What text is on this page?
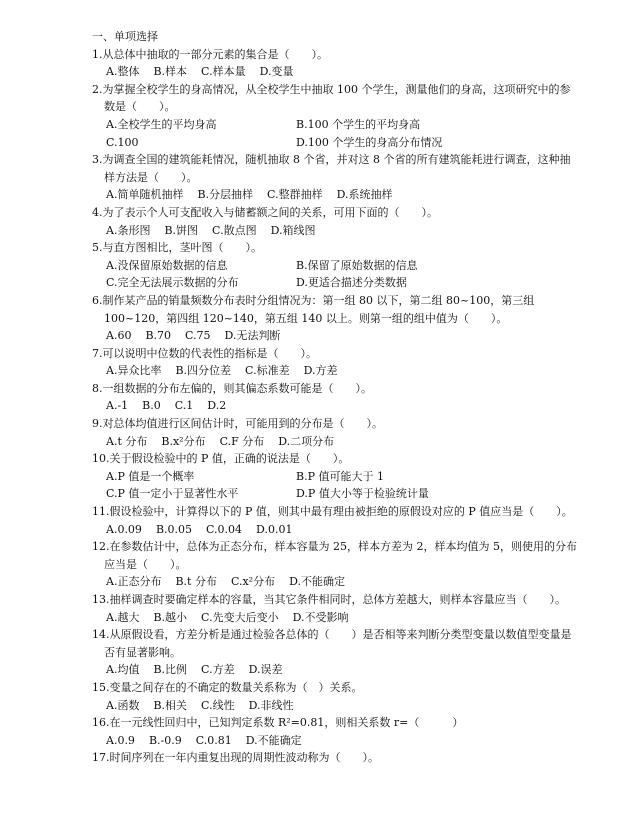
一、单项选择
1.从总体中抽取的一部分元素的集合是（　　）。
A.整体 B.样本 C.样本量 D.变量
2.为掌握全校学生的身高情况，从全校学生中抽取 100 个学生，测量他们的身高，这项研究中的参数是（　　）。
A.全校学生的平均身高	B.100 个学生的平均身高
C.100	D.100 个学生的身高分布情况
3.为调查全国的建筑能耗情况，随机抽取 8 个省，并对这 8 个省的所有建筑能耗进行调查，这种抽样方法是（　　）。
A.简单随机抽样 B.分层抽样 C.整群抽样 D.系统抽样
4.为了表示个人可支配收入与储蓄额之间的关系，可用下面的（　　）。
A.条形图 B.饼图 C.散点图 D.箱线图
5.与直方图相比，茎叶图（　　）。
A.没保留原始数据的信息	B.保留了原始数据的信息
C.完全无法展示数据的分布	D.更适合描述分类数据
6.制作某产品的销量频数分布表时分组情况为：第一组 80 以下，第二组 80~100，第三组 100~120，第四组 120~140，第五组 140 以上。则第一组的组中值为（　　）。
A.60 B.70 C.75 D.无法判断
7.可以说明中位数的代表性的指标是（　　）。
A.异众比率 B.四分位差 C.标准差 D.方差
8.一组数据的分布左偏的，则其偏态系数可能是（　　）。
A.-1 B.0 C.1 D.2
9.对总体均值进行区间估计时，可能用到的分布是（　　）。
A.t 分布 B.x²分布 C.F 分布 D.二项分布
10.关于假设检验中的 P 值，正确的说法是（　　）。
A.P 值是一个概率	B.P 值可能大于 1
C.P 值一定小于显著性水平	D.P 值大小等于检验统计量
11.假设检验中，计算得以下的 P 值，则其中最有理由被拒绝的原假设对应的 P 值应当是（　　）。
A.0.09 B.0.05 C.0.04 D.0.01
12.在参数估计中，总体为正态分布，样本容量为 25，样本方差为 2，样本均值为 5，则使用的分布应当是（　　）。
A.正态分布 B.t 分布 C.x²分布 D.不能确定
13.抽样调查时要确定样本的容量，当其它条件相同时，总体方差越大，则样本容量应当（　　）。
A.越大 B.越小 C.先变大后变小 D.不受影响
14.从原假设看，方差分析是通过检验各总体的（　　）是否相等来判断分类型变量以数值型变量是否有显著影响。
A.均值 B.比例 C.方差 D.误差
15.变量之间存在的不确定的数量关系称为（　）关系。
A.函数 B.相关 C.线性 D.非线性
16.在一元线性回归中，已知判定系数 R²=0.81，则相关系数 r=（　　　）
A.0.9 B.-0.9 C.0.81 D.不能确定
17.时间序列在一年内重复出现的周期性波动称为（　　）。
